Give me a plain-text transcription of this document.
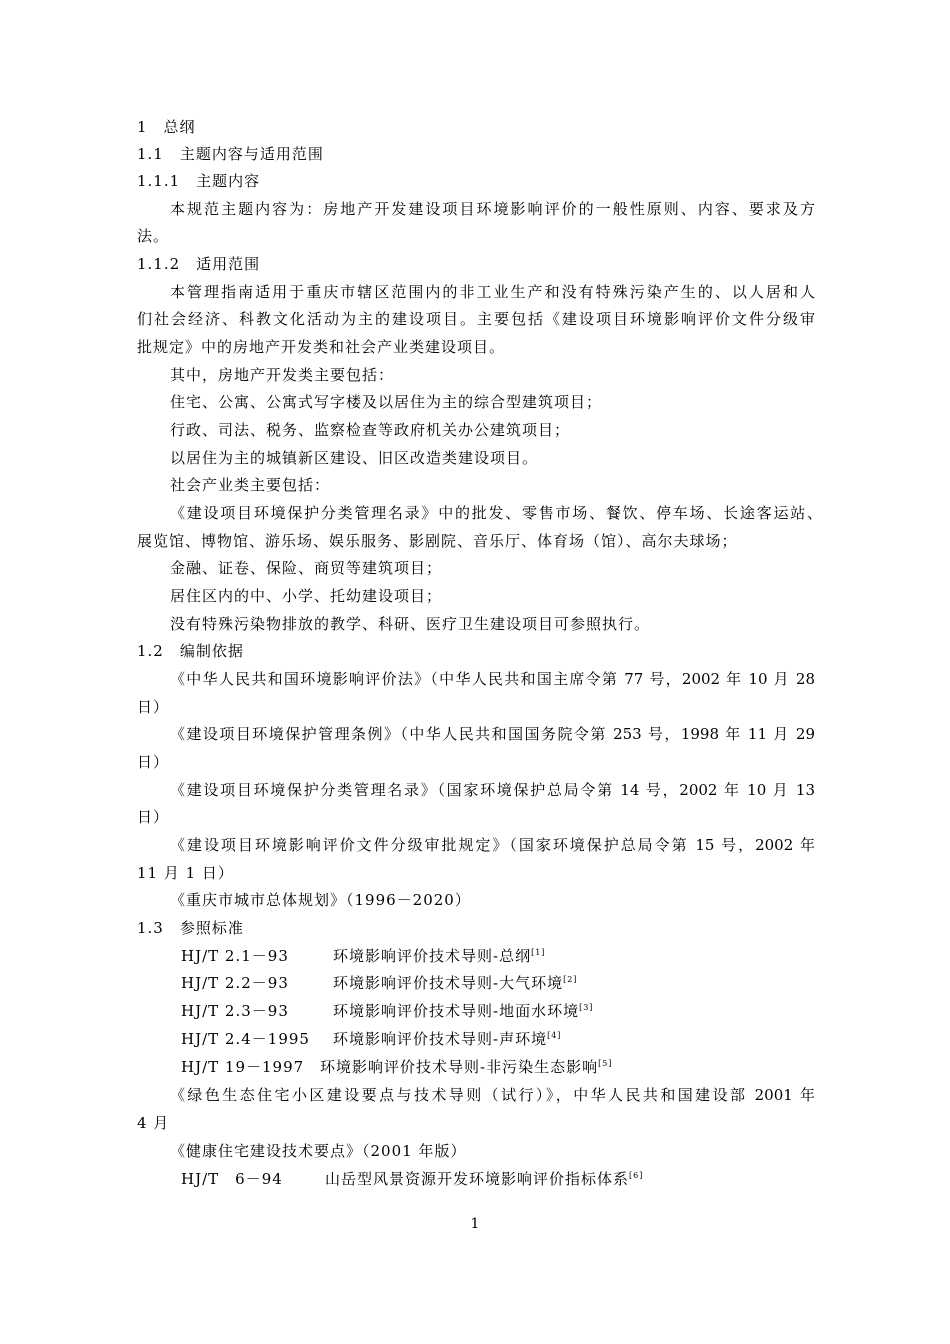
1　总纲
1.1　主题内容与适用范围
1.1.1　主题内容
本规范主题内容为：房地产开发建设项目环境影响评价的一般性原则、内容、要求及方
法。
1.1.2　适用范围
本管理指南适用于重庆市辖区范围内的非工业生产和没有特殊污染产生的、以人居和人
们社会经济、科教文化活动为主的建设项目。主要包括《建设项目环境影响评价文件分级审
批规定》中的房地产开发类和社会产业类建设项目。
其中，房地产开发类主要包括：
住宅、公寓、公寓式写字楼及以居住为主的综合型建筑项目；
行政、司法、税务、监察检查等政府机关办公建筑项目；
以居住为主的城镇新区建设、旧区改造类建设项目。
社会产业类主要包括：
《建设项目环境保护分类管理名录》中的批发、零售市场、餐饮、停车场、长途客运站、
展览馆、博物馆、游乐场、娱乐服务、影剧院、音乐厅、体育场（馆）、高尔夫球场；
金融、证卷、保险、商贸等建筑项目；
居住区内的中、小学、托幼建设项目；
没有特殊污染物排放的教学、科研、医疗卫生建设项目可参照执行。
1.2　编制依据
《中华人民共和国环境影响评价法》（中华人民共和国主席令第 77 号，2002 年 10 月 28
日）
《建设项目环境保护管理条例》（中华人民共和国国务院令第 253 号，1998 年 11 月 29
日）
《建设项目环境保护分类管理名录》（国家环境保护总局令第 14 号，2002 年 10 月 13
日）
《建设项目环境影响评价文件分级审批规定》（国家环境保护总局令第 15 号，2002 年
11 月 1 日）
《重庆市城市总体规划》（1996－2020）
1.3　参照标准
HJ/T 2.1－93	环境影响评价技术导则-总纲[1]
HJ/T 2.2－93	环境影响评价技术导则-大气环境[2]
HJ/T 2.3－93	环境影响评价技术导则-地面水环境[3]
HJ/T 2.4－1995 环境影响评价技术导则-声环境[4]
HJ/T 19－1997 环境影响评价技术导则-非污染生态影响[5]
《绿色生态住宅小区建设要点与技术导则（试行）》，中华人民共和国建设部 2001 年
4 月
《健康住宅建设技术要点》（2001 年版）
HJ/T　6－94	山岳型风景资源开发环境影响评价指标体系[6]
1
